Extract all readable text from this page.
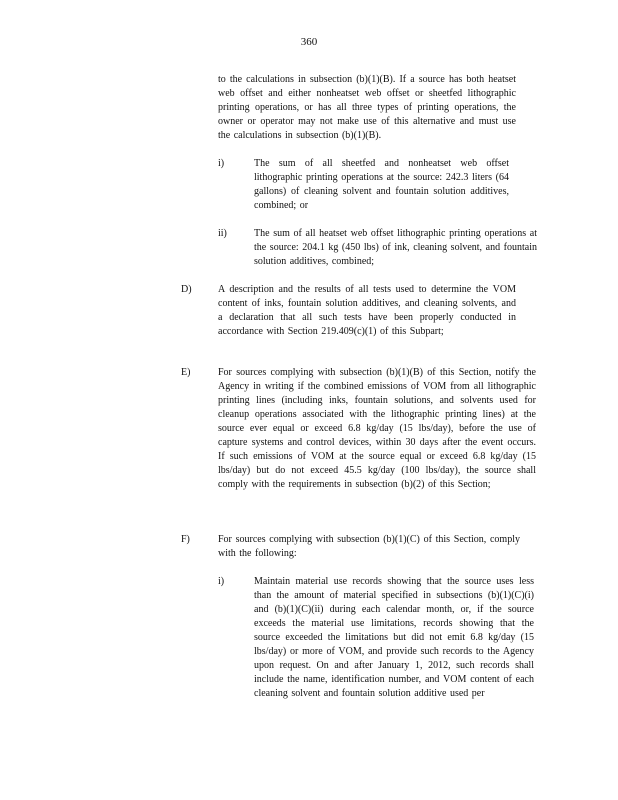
360
to the calculations in subsection (b)(1)(B). If a source has both heatset web offset and either nonheatset web offset or sheetfed lithographic printing operations, or has all three types of printing operations, the owner or operator may not make use of this alternative and must use the calculations in subsection (b)(1)(B).
i)	The sum of all sheetfed and nonheatset web offset lithographic printing operations at the source: 242.3 liters (64 gallons) of cleaning solvent and fountain solution additives, combined; or
ii)	The sum of all heatset web offset lithographic printing operations at the source: 204.1 kg (450 lbs) of ink, cleaning solvent, and fountain solution additives, combined;
D)	A description and the results of all tests used to determine the VOM content of inks, fountain solution additives, and cleaning solvents, and a declaration that all such tests have been properly conducted in accordance with Section 219.409(c)(1) of this Subpart;
E)	For sources complying with subsection (b)(1)(B) of this Section, notify the Agency in writing if the combined emissions of VOM from all lithographic printing lines (including inks, fountain solutions, and solvents used for cleanup operations associated with the lithographic printing lines) at the source ever equal or exceed 6.8 kg/day (15 lbs/day), before the use of capture systems and control devices, within 30 days after the event occurs. If such emissions of VOM at the source equal or exceed 6.8 kg/day (15 lbs/day) but do not exceed 45.5 kg/day (100 lbs/day), the source shall comply with the requirements in subsection (b)(2) of this Section;
F)	For sources complying with subsection (b)(1)(C) of this Section, comply with the following:
i)	Maintain material use records showing that the source uses less than the amount of material specified in subsections (b)(1)(C)(i) and (b)(1)(C)(ii) during each calendar month, or, if the source exceeds the material use limitations, records showing that the source exceeded the limitations but did not emit 6.8 kg/day (15 lbs/day) or more of VOM, and provide such records to the Agency upon request. On and after January 1, 2012, such records shall include the name, identification number, and VOM content of each cleaning solvent and fountain solution additive used per
